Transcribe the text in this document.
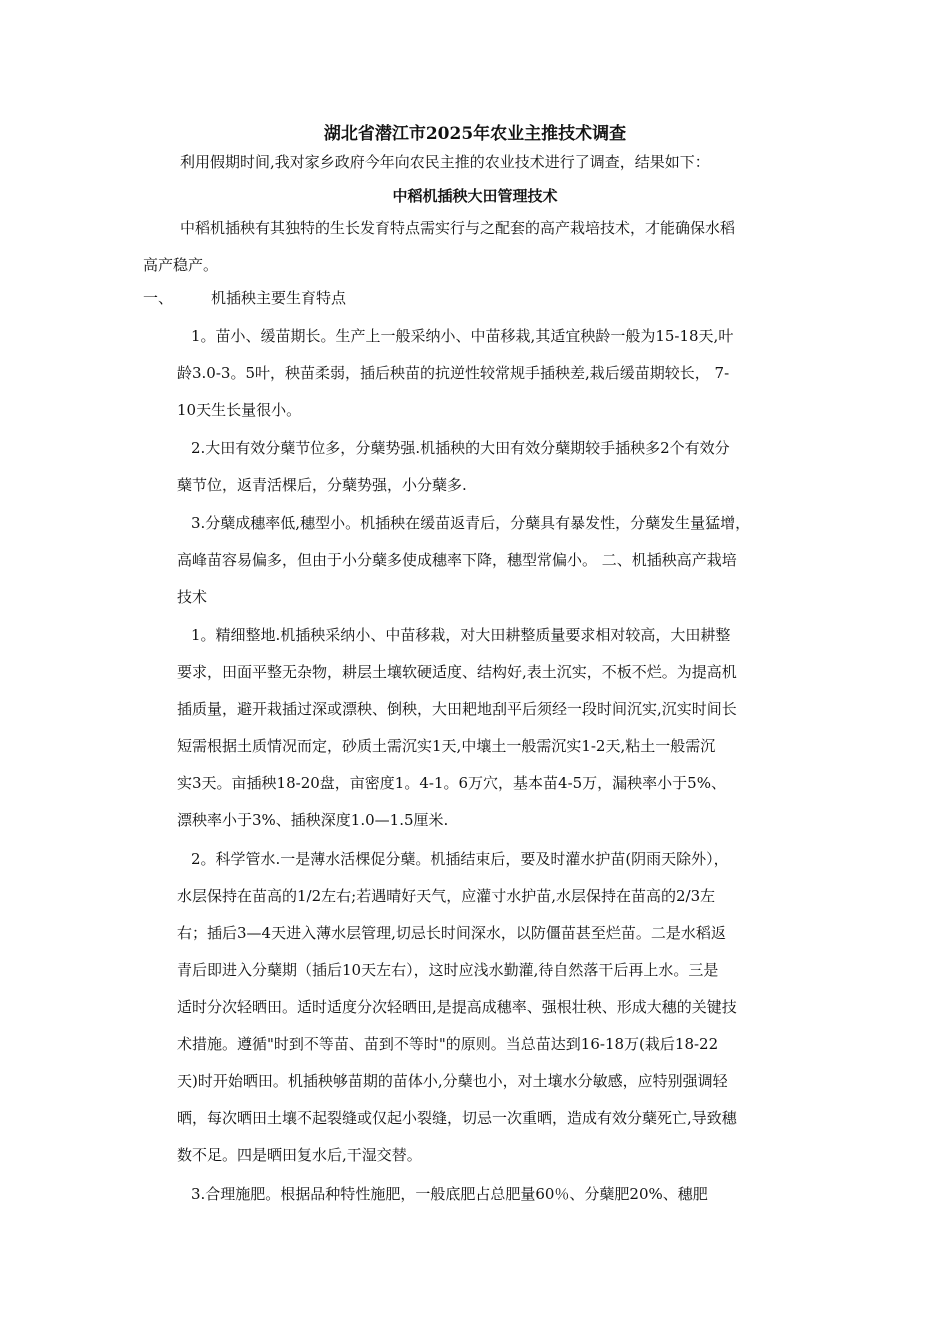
湖北省潜江市2025年农业主推技术调查
利用假期时间,我对家乡政府今年向农民主推的农业技术进行了调查，结果如下：
中稻机插秧大田管理技术
中稻机插秧有其独特的生长发育特点需实行与之配套的高产栽培技术，才能确保水稻
高产稳产。
一、	机插秧主要生育特点
1。苗小、缓苗期长。生产上一般采纳小、中苗移栽,其适宜秧龄一般为15-18天,叶
龄3.0-3。5叶，秧苗柔弱，插后秧苗的抗逆性较常规手插秧差,栽后缓苗期较长， 7-
10天生长量很小。
2.大田有效分蘖节位多，分蘖势强.机插秧的大田有效分蘖期较手插秧多2个有效分
蘖节位，返青活棵后，分蘖势强，小分蘖多.
3.分蘖成穗率低,穗型小。机插秧在缓苗返青后，分蘖具有暴发性，分蘖发生量猛增，
高峰苗容易偏多，但由于小分蘖多使成穗率下降，穗型常偏小。 二、机插秧高产栽培
技术
1。精细整地.机插秧采纳小、中苗移栽，对大田耕整质量要求相对较高，大田耕整
要求，田面平整无杂物，耕层土壤软硬适度、结构好,表土沉实，不板不烂。为提高机
插质量，避开栽插过深或漂秧、倒秧，大田耙地刮平后须经一段时间沉实,沉实时间长
短需根据土质情况而定，砂质土需沉实1天,中壤土一般需沉实1-2天,粘土一般需沉
实3天。亩插秧18-20盘，亩密度1。4-1。6万穴，基本苗4-5万，漏秧率小于5%、
漂秧率小于3%、插秧深度1.0—1.5厘米.
2。科学管水.一是薄水活棵促分蘖。机插结束后，要及时灌水护苗(阴雨天除外），
水层保持在苗高的1/2左右;若遇晴好天气，应灌寸水护苗,水层保持在苗高的2/3左
右；插后3—4天进入薄水层管理,切忌长时间深水，以防僵苗甚至烂苗。二是水稻返
青后即进入分蘖期（插后10天左右），这时应浅水勤灌,待自然落干后再上水。三是
适时分次轻晒田。适时适度分次轻晒田,是提高成穗率、强根壮秧、形成大穗的关键技
术措施。遵循"时到不等苗、苗到不等时"的原则。当总苗达到16-18万(栽后18-22
天)时开始晒田。机插秧够苗期的苗体小,分蘖也小，对土壤水分敏感，应特别强调轻
晒，每次晒田土壤不起裂缝或仅起小裂缝，切忌一次重晒，造成有效分蘖死亡,导致穗
数不足。四是晒田复水后,干湿交替。
3.合理施肥。根据品种特性施肥，一般底肥占总肥量60％、分蘖肥20%、穗肥
